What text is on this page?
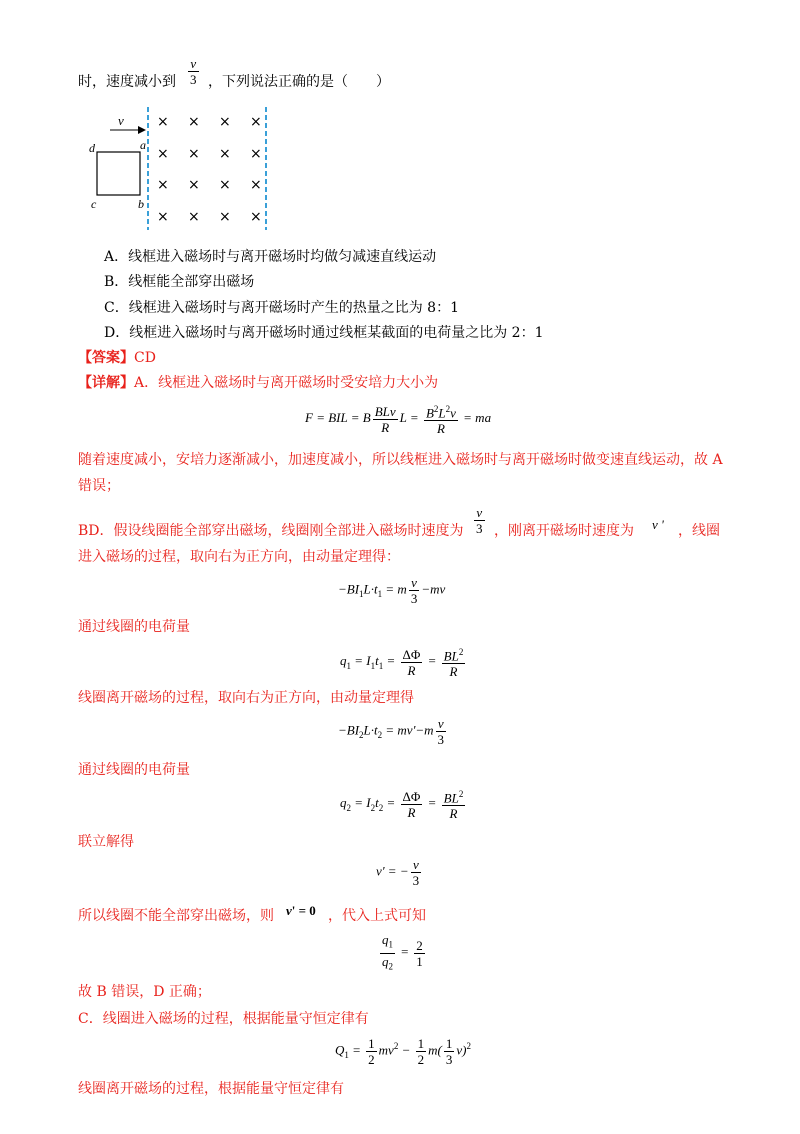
时，速度减小到 $\frac{v}{3}$ ，下列说法正确的是（　　）
v
d	a
c	b
× × × ×
× × × ×
× × × ×
× × × ×
A．线框进入磁场时与离开磁场时均做匀减速直线运动
B．线框能全部穿出磁场
C．线框进入磁场时与离开磁场时产生的热量之比为 8：1
D．线框进入磁场时与离开磁场时通过线框某截面的电荷量之比为 2：1
【答案】CD
【详解】A．线框进入磁场时与离开磁场时受安培力大小为
F = BIL = B $\frac{\text{BLv}}{R}$ $L = \frac{B^2L^2v}{R}$ = ma
随着速度减小，安培力逐渐减小，加速度减小，所以线框进入磁场时与离开磁场时做变速直线运动，故 A
错误；
BD．假设线圈能全部穿出磁场，线圈刚全部进入磁场时速度为 $\frac{v}{3}$ ，刚离开磁场时速度为 v ' ，线圈
进入磁场的过程，取向右为正方向，由动量定理得：
$-BI_1L\cdot t_1 = m \frac{v}{3} -mv$
通过线圈的电荷量
$q_1 = I_1t_1 = \frac{\Delta\Phi}{R} = \frac{BL^2}{R}$
线圈离开磁场的过程，取向右为正方向，由动量定理得
$-BI_2L\cdot t_2 = mv'-m \frac{v}{3}$
通过线圈的电荷量
$q_2 = I_2t_2 = \frac{\Delta\Phi}{R} = \frac{BL^2}{R}$
联立解得
v' = − $\frac{v}{3}$
所以线圈不能全部穿出磁场，则 v' = 0 ，代入上式可知
$\frac{q_1}{q_2} = \frac{2}{1}$
故 B 错误，D 正确；
C．线圈进入磁场的过程，根据能量守恒定律有
$Q_1 = \frac{1}{2} mv^2 - \frac{1}{2} m( \frac{1}{3} v)^2$
线圈离开磁场的过程，根据能量守恒定律有
